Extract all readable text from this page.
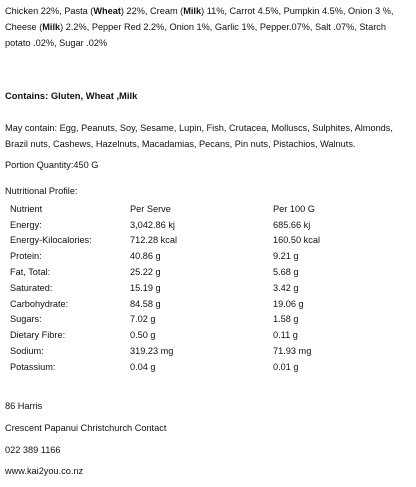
Chicken 22%, Pasta (Wheat) 22%, Cream (Milk) 11%, Carrot 4.5%, Pumpkin 4.5%, Onion 3 %, Cheese (Milk) 2.2%, Pepper Red 2.2%, Onion 1%, Garlic 1%, Pepper.07%, Salt .07%, Starch potato .02%, Sugar .02%
Contains: Gluten, Wheat ,Milk
May contain: Egg, Peanuts, Soy, Sesame, Lupin, Fish, Crutacea, Molluscs, Sulphites, Almonds, Brazil nuts, Cashews, Hazelnuts, Macadamias, Pecans, Pin nuts, Pistachios, Walnuts.
Portion Quantity:450 G
Nutritional Profile:
Nutrient	Per Serve	Per 100 G
Energy:	3,042.86 kj	685.66 kj
Energy-Kilocalories:	712.28 kcal	160.50 kcal
Protein:	40.86 g	9.21 g
Fat, Total:	25.22 g	5.68 g
Saturated:	15.19 g	3.42 g
Carbohydrate:	84.58 g	19.06 g
Sugars:	7.02 g	1.58 g
Dietary Fibre:	0.50 g	0.11 g
Sodium:	319.23 mg	71.93 mg
Potassium:	0.04 g	0.01 g
86 Harris
Crescent Papanui Christchurch Contact
022 389 1166
www.kai2you.co.nz
